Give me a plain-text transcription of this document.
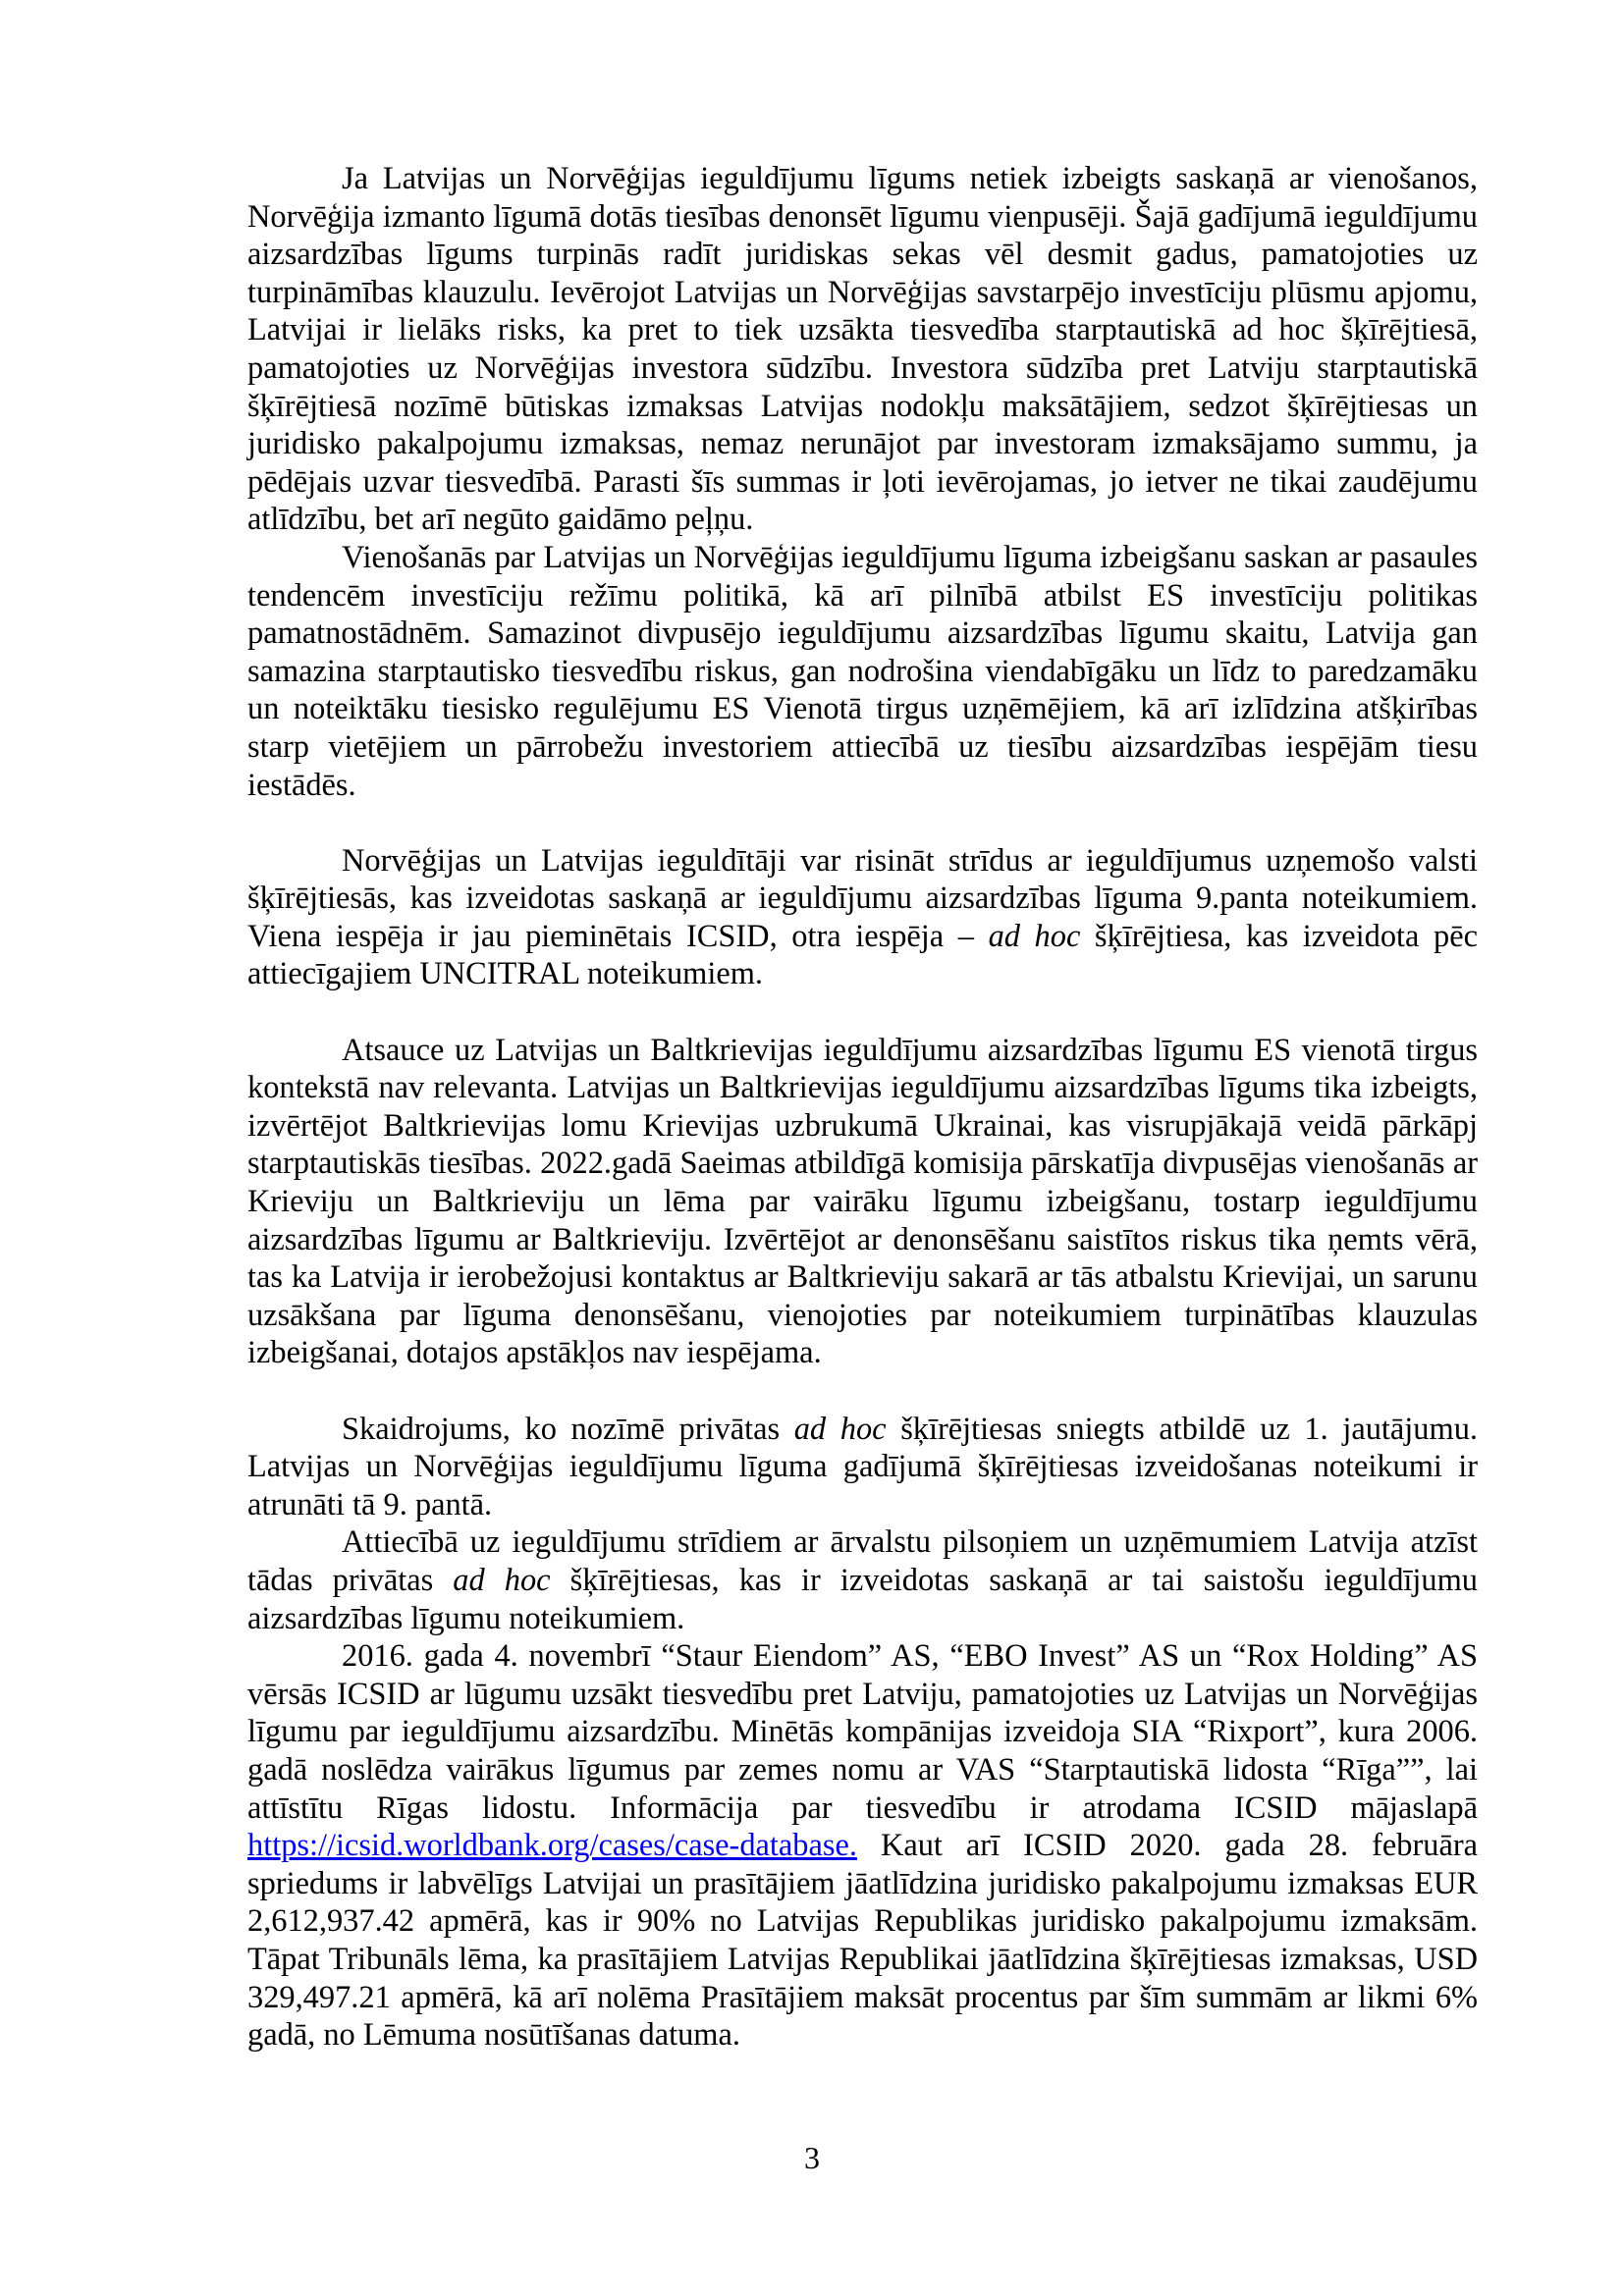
Ja Latvijas un Norvēģijas ieguldījumu līgums netiek izbeigts saskaņā ar vienošanos, Norvēģija izmanto līgumā dotās tiesības denonsēt līgumu vienpusēji. Šajā gadījumā ieguldījumu aizsardzības līgums turpinās radīt juridiskas sekas vēl desmit gadus, pamatojoties uz turpināmības klauzulu. Ievērojot Latvijas un Norvēģijas savstarpējo investīciju plūsmu apjomu, Latvijai ir lielāks risks, ka pret to tiek uzsākta tiesvedība starptautiskā ad hoc šķīrējtiesā, pamatojoties uz Norvēģijas investora sūdzību. Investora sūdzība pret Latviju starptautiskā šķīrējtiesā nozīmē būtiskas izmaksas Latvijas nodokļu maksātājiem, sedzot šķīrējtiesas un juridisko pakalpojumu izmaksas, nemaz nerunājot par investoram izmaksājamo summu, ja pēdējais uzvar tiesvedībā. Parasti šīs summas ir ļoti ievērojamas, jo ietver ne tikai zaudējumu atlīdzību, bet arī negūto gaidāmo peļņu.

Vienošanās par Latvijas un Norvēģijas ieguldījumu līguma izbeigšanu saskan ar pasaules tendencēm investīciju režīmu politikā, kā arī pilnībā atbilst ES investīciju politikas pamatnostādnēm. Samazinot divpusējo ieguldījumu aizsardzības līgumu skaitu, Latvija gan samazina starptautisko tiesvedību riskus, gan nodrošina viendabīgāku un līdz to paredzamāku un noteiktāku tiesisko regulējumu ES Vienotā tirgus uzņēmējiem, kā arī izlīdzina atšķirības starp vietējiem un pārrobežu investoriem attiecībā uz tiesību aizsardzības iespējām tiesu iestādēs.

Norvēģijas un Latvijas ieguldītāji var risināt strīdus ar ieguldījumus uzņemošo valsti šķīrējtiesās, kas izveidotas saskaņā ar ieguldījumu aizsardzības līguma 9.panta noteikumiem. Viena iespēja ir jau pieminētais ICSID, otra iespēja – ad hoc šķīrējtiesa, kas izveidota pēc attiecīgajiem UNCITRAL noteikumiem.

Atsauce uz Latvijas un Baltkrievijas ieguldījumu aizsardzības līgumu ES vienotā tirgus kontekstā nav relevanta. Latvijas un Baltkrievijas ieguldījumu aizsardzības līgums tika izbeigts, izvērtējot Baltkrievijas lomu Krievijas uzbrukumā Ukrainai, kas visrupjākajā veidā pārkāpj starptautiskās tiesības. 2022.gadā Saeimas atbildīgā komisija pārskatīja divpusējas vienošanās ar Krieviju un Baltkrieviju un lēma par vairāku līgumu izbeigšanu, tostarp ieguldījumu aizsardzības līgumu ar Baltkrieviju. Izvērtējot ar denonsēšanu saistītos riskus tika ņemts vērā, tas ka Latvija ir ierobežojusi kontaktus ar Baltkrieviju sakarā ar tās atbalstu Krievijai, un sarunu uzsākšana par līguma denonsēšanu, vienojoties par noteikumiem turpinātības klauzulas izbeigšanai, dotajos apstākļos nav iespējama.

Skaidrojums, ko nozīmē privātas ad hoc šķīrējtiesas sniegts atbildē uz 1. jautājumu. Latvijas un Norvēģijas ieguldījumu līguma gadījumā šķīrējtiesas izveidošanas noteikumi ir atrunāti tā 9. pantā.

Attiecībā uz ieguldījumu strīdiem ar ārvalstu pilsoņiem un uzņēmumiem Latvija atzīst tādas privātas ad hoc šķīrējtiesas, kas ir izveidotas saskaņā ar tai saistošu ieguldījumu aizsardzības līgumu noteikumiem.

2016. gada 4. novembrī “Staur Eiendom” AS, “EBO Invest” AS un “Rox Holding” AS vērsās ICSID ar lūgumu uzsākt tiesvedību pret Latviju, pamatojoties uz Latvijas un Norvēģijas līgumu par ieguldījumu aizsardzību. Minētās kompānijas izveidoja SIA “Rixport”, kura 2006. gadā noslēdza vairākus līgumus par zemes nomu ar VAS “Starptautiskā lidosta “Rīga””, lai attīstītu Rīgas lidostu. Informācija par tiesvedību ir atrodama ICSID mājaslapā https://icsid.worldbank.org/cases/case-database. Kaut arī ICSID 2020. gada 28. februāra spriedums ir labvēlīgs Latvijai un prasītājiem jāatlīdzina juridisko pakalpojumu izmaksas EUR 2,612,937.42 apmērā, kas ir 90% no Latvijas Republikas juridisko pakalpojumu izmaksām. Tāpat Tribunāls lēma, ka prasītājiem Latvijas Republikai jāatlīdzina šķīrējtiesas izmaksas, USD 329,497.21 apmērā, kā arī nolēma Prasītājiem maksāt procentus par šīm summām ar likmi 6% gadā, no Lēmuma nosūtīšanas datuma.

3
